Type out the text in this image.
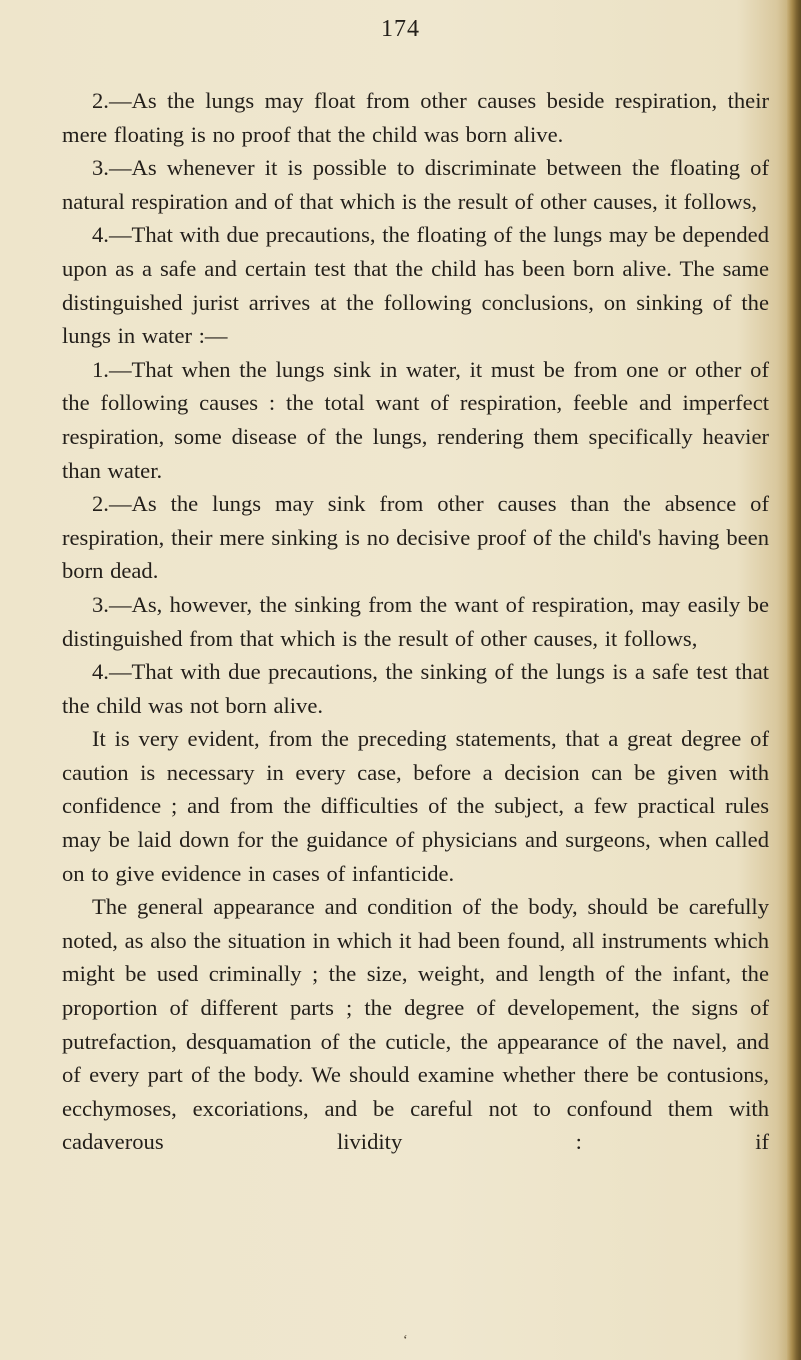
174

2.—As the lungs may float from other causes beside respiration, their mere floating is no proof that the child was born alive.

3.—As whenever it is possible to discriminate between the floating of natural respiration and of that which is the result of other causes, it follows,

4.—That with due precautions, the floating of the lungs may be depended upon as a safe and certain test that the child has been born alive. The same distinguished jurist arrives at the following conclusions, on sinking of the lungs in water :—

1.—That when the lungs sink in water, it must be from one or other of the following causes : the total want of respiration, feeble and imperfect respiration, some disease of the lungs, rendering them specifically heavier than water.

2.—As the lungs may sink from other causes than the absence of respiration, their mere sinking is no decisive proof of the child's having been born dead.

3.—As, however, the sinking from the want of respiration, may easily be distinguished from that which is the result of other causes, it follows,

4.—That with due precautions, the sinking of the lungs is a safe test that the child was not born alive.

It is very evident, from the preceding statements, that a great degree of caution is necessary in every case, before a decision can be given with confidence ; and from the difficulties of the subject, a few practical rules may be laid down for the guidance of physicians and surgeons, when called on to give evidence in cases of infanticide.

The general appearance and condition of the body, should be carefully noted, as also the situation in which it had been found, all instruments which might be used criminally ; the size, weight, and length of the infant, the proportion of different parts ; the degree of developement, the signs of putrefaction, desquamation of the cuticle, the appearance of the navel, and of every part of the body. We should examine whether there be contusions, ecchymoses, excoriations, and be careful not to confound them with cadaverous lividity : if

‘
